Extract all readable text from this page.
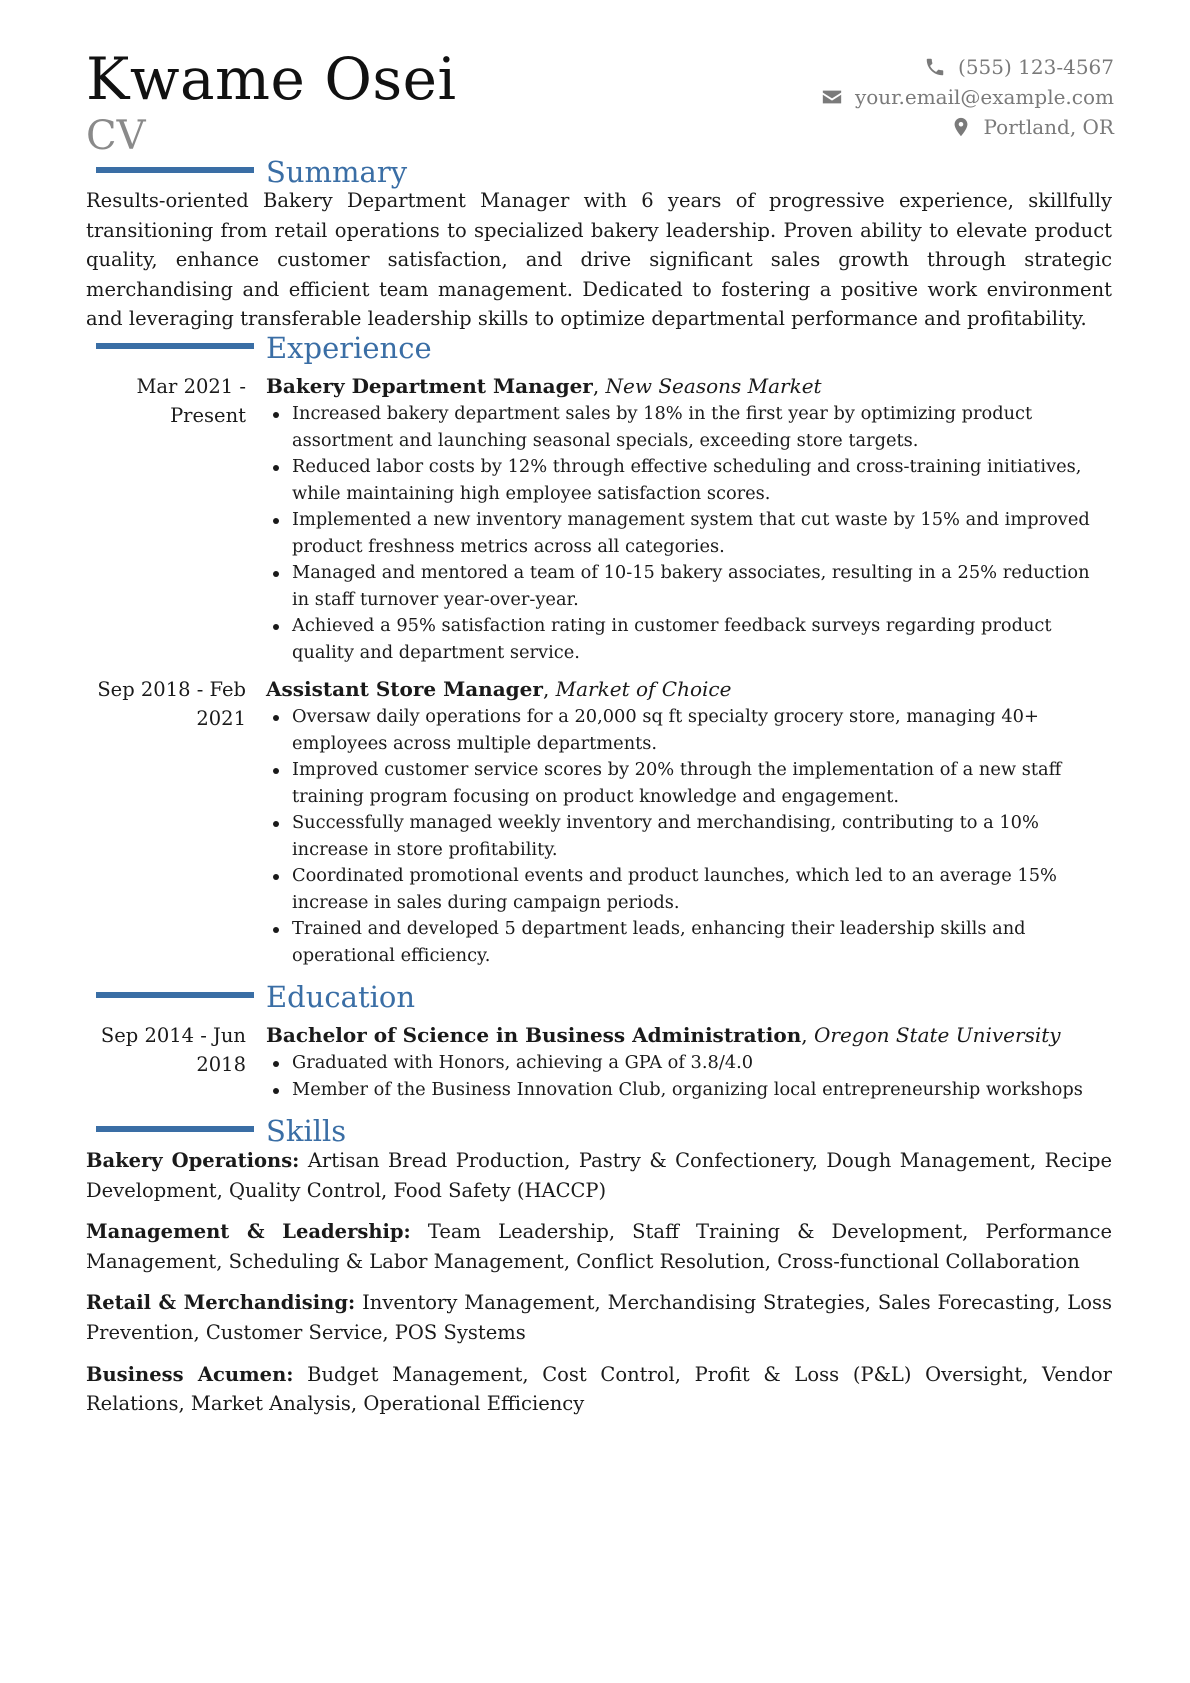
Kwame Osei
CV
(555) 123-4567
your.email@example.com
Portland, OR
Summary
Results-oriented Bakery Department Manager with 6 years of progressive experience, skillfully transitioning from retail operations to specialized bakery leadership. Proven ability to elevate product quality, enhance customer satisfaction, and drive significant sales growth through strategic merchandising and efficient team management. Dedicated to fostering a positive work environment and leveraging transferable leadership skills to optimize departmental performance and profitability.
Experience
Mar 2021 - Present
Bakery Department Manager, New Seasons Market
Increased bakery department sales by 18% in the first year by optimizing product assortment and launching seasonal specials, exceeding store targets.
Reduced labor costs by 12% through effective scheduling and cross-training initiatives, while maintaining high employee satisfaction scores.
Implemented a new inventory management system that cut waste by 15% and improved product freshness metrics across all categories.
Managed and mentored a team of 10-15 bakery associates, resulting in a 25% reduction in staff turnover year-over-year.
Achieved a 95% satisfaction rating in customer feedback surveys regarding product quality and department service.
Sep 2018 - Feb 2021
Assistant Store Manager, Market of Choice
Oversaw daily operations for a 20,000 sq ft specialty grocery store, managing 40+ employees across multiple departments.
Improved customer service scores by 20% through the implementation of a new staff training program focusing on product knowledge and engagement.
Successfully managed weekly inventory and merchandising, contributing to a 10% increase in store profitability.
Coordinated promotional events and product launches, which led to an average 15% increase in sales during campaign periods.
Trained and developed 5 department leads, enhancing their leadership skills and operational efficiency.
Education
Sep 2014 - Jun 2018
Bachelor of Science in Business Administration, Oregon State University
Graduated with Honors, achieving a GPA of 3.8/4.0
Member of the Business Innovation Club, organizing local entrepreneurship workshops
Skills
Bakery Operations: Artisan Bread Production, Pastry & Confectionery, Dough Management, Recipe Development, Quality Control, Food Safety (HACCP)
Management & Leadership: Team Leadership, Staff Training & Development, Performance Management, Scheduling & Labor Management, Conflict Resolution, Cross-functional Collaboration
Retail & Merchandising: Inventory Management, Merchandising Strategies, Sales Forecasting, Loss Prevention, Customer Service, POS Systems
Business Acumen: Budget Management, Cost Control, Profit & Loss (P&L) Oversight, Vendor Relations, Market Analysis, Operational Efficiency
